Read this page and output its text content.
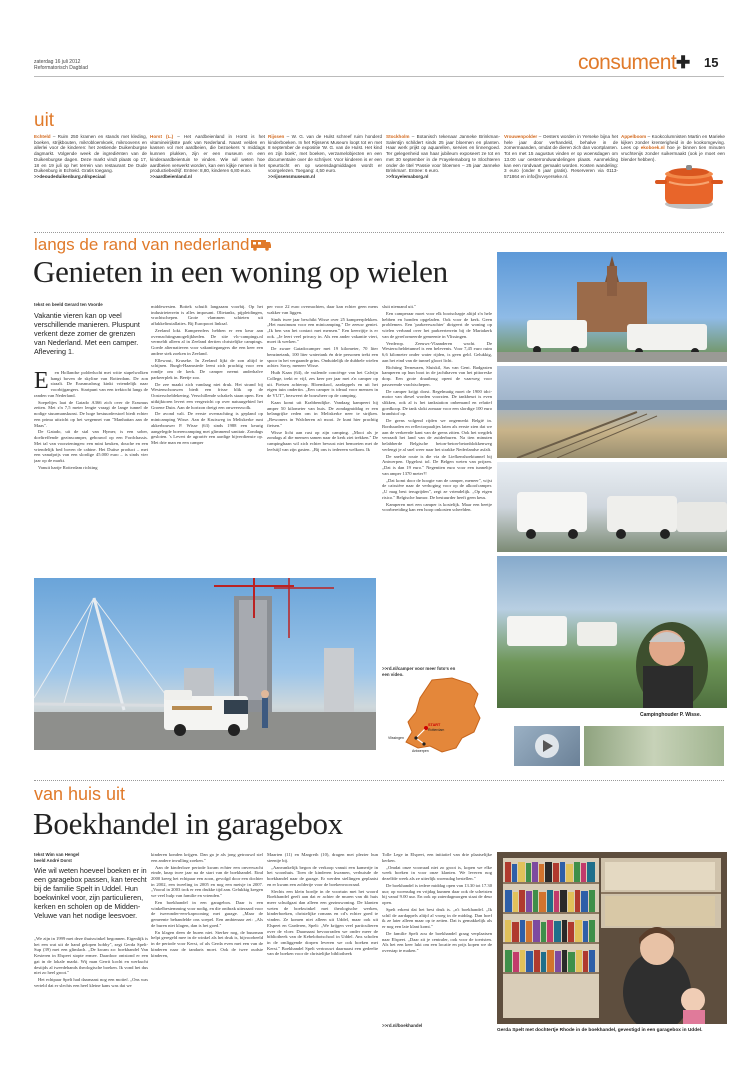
zaterdag 16 juli 2012
Reformatorisch Dagblad	consument ✚ 15
uit
Echteld – Ruim 250 kramen en stands met kleding, boeken, strijkbouten, mikrobloemkoek, mikroovens en allerlei voor de kinderen: het zestiende Duikenburgse dagmarkt. Volgende week de ingrediënten van de Duikenburgse dagen. Deze markt vindt plaats op 17, 18 en 19 juli op het terrein van restaurant De Oude Duikenburg in Echteld. Gratis toegang.
>>deoudeduikenburg.nl/speciaal
Horst (L.) – Het Aardbeienland in Horst is het vitamineirijkste park van Nederland. Naast velden en kassen vol met aardbeien, die bezoekers 's middags kunnen plukken, zijn er een museum en een kinderaardbeientuin te vinden. Wie wil weten hoe aardbeien verwerkt worden, kan een kijkje nemen in het productiebedrijf. Entree: 8,80, kinderen 6,80 euro.
>>aardbeienland.nl
Rijssen – W. G. van de Hulst schreef ruim honderd kinderboeken. In het Rijssens Museum loopt tot en met 8 september de expositie 'W. G. van de Hulst. Het kind en zijn boek', met boeken, verzamelobjecten en een documentaire over de schrijver. Voor kinderen is er een speurtocht en op woensdagmiddagen wordt er voorgelezen. Toegang: 4,50 euro.
>>rijssensmuseum.nl
Stockholm – Botanisch tekenaar Janneke Brinkman-Salentijn schildert sinds 25 jaar bloemen en planten. Haar werk prijkt op aquarellen, servies en linnengoed. Ter gelegenheid van haar jubileum exposeert ze tot en met 30 september in de Frayelemaborg te Slochteren onder de titel 'Passie voor bloemen – 25 jaar Janneke Brinkman'. Entree: 6 euro.
>>frayelemaborg.nl
Vrouwenpolder – Oesters worden in Yerseke bijna het hele jaar door verhandeld, behalve in de zomermaanden, omdat de dieren zich dan voortplanten. Tot en met 15 augustus vinden er op woensdagen om 13.00 uur oesterrondwandelingen plaats. Aanmelding kan een rondvaart gemaakt worden. Kosten wandeling: 3 euro (onder 6 jaar gratis). Reserveren via 0113-571864 en info@vvvyerseke.nl.
Appelboom – Kookcolumnisten Martin en Marieke kijken zonder krenterigheid in de kookomgeving. Lees op ekoboek.nl hoe je binnen tien minuten vruchtenijs zonder suikermaakt (ook je moet een blender hebben).
langs de rand van nederland
Genieten in een woning op wielen
tekst en beeld Gerard ten Voorde
Vakantie vieren kan op veel verschillende manieren. Pluspunt verkent deze zomer de grenzen van Nederland. Met een camper. Aflevering 1.
E	en Hollandse polderlucht met witte stapelwolken hangt boven de skyline van Rotterdam. De zon straalt. De Erasmusbrug kinkt vriendelijk naar voorbijgangers. Startpunt van een trektocht langs de randen van Nederland.

Soepeltjes laat de Gatado A366 zich over de Erasmus zetten. Met z'n 7,5 meter lengte vraagt de lange tunnel de nodige stuurmanskunst. De hoge bestuurderstoel biedt echter een prima uitzicht op het wegennet van "Manhattan aan de Maas".

De Gatado, uit de stal van Hymer, is een sober, doeltreffende gezinscamper, gebouwd op een Fordchassis. Met tal van voorzieningen: een mini keuken, douche en een vriendelijk bed boven de cabine. Het Duitse product – met een vanafprijs van een slordige 45.000 euro – is sinds vier jaar op de markt.

Vanuit hartje Rotterdam richting

middewesten. Bottek schuift langzaam voorbij. Op het industrieterrein is alles imposant. Olietanks, pijpleidingen, vrachtschepen. Grote vlammen schieten uit affakkelinstallaties. Bij Europoort linksaf.

Zeeland lokt. Kampeerders hebben er een keur aan overnachtingsmogelijkheden. De site vlc-campings.nl vermeldt alleen al in Zeeland dertien christelijke campings. Goede alternatieven voor vakantiegangers die een keer een andere stek zoeken in Zeeland.

Ellewout, Kruseke. In Zeeland lijkt de zon altijd te schijnen. Burgh-Haamstede leent zich prachtig voor een rondje om de kerk. De camper neemt anderhalve parkeerplek in. Beetje zoo.

De zee maakt zich vandaag niet druk. Het strand bij Westenschouwen biedt een frisse blik op de Oosterscheldekering. Verschillende schakels staan open. Een uitkijktoren levert een vergezicht op over natuurgebied het Groene Duin. Aan de horizon dreigt een onweerswolk.

De avond valt. De eerste overnachting is gepland op minicamping Wisse. Aan de Kruisweg in Meliskerke runt akkerbouwer P. Wisse (63) sinds 1988 een keurig aangelegde boerencamping met glimmend sanitair. Zondags gesloten. 's Levert de agrariër een aardige bijverdienste op. Met drie man en een camper

per voor 22 euro overnachten, daar kan echter geen mens wakker van liggen.

Sinds twee jaar beschikt Wisse over 25 kampeerplekken. „Het maximum voor een minicamping." De zeeuw geniet. „Ik ben van het contact met mensen." Een keerrijtje is er ook. „Je leert veel privacy in. Als een ander vakantie viert, moet ik werken."

De zware Gatadocamper met 19 kilometer, 70 liter benzinetank, 100 liter watertank én drie personen trekt een spoor in het vergaande grins. Onduidelijk de dubbele wielen achter. Sorry, meneer Wisse.

Huib Kaan (64), de vutlende conciërge van het Calvijn College, trekt er vijf, zes keer per jaar met z'n camper op uit. Fietsen achterop. Bloemkool, aardappels en uit het eigen tuin ondertin. „Een camper is ideaal voor mensen in de VUT", bezweert de bouwheer op de camping.

Kaan komt uit Krabbendijke. Vandaag kampeert hij amper 50 kilometer van huis. De zondagmiddag er een belangrijke reden om in Meliskerke neer te strijken. „Bewoners in Walcheren zó mooi. Je kunt hier prachtig fietsen."

Wisse licht aan rust op zijn camping. „Mooi als je zondags al die mensen samen naar de kerk ziet trekken." De campinghaan wil zich echter bewust niet bemoeien met de leefstijl van zijn gasten. „Bij ons is iedereen welkom. Ik

sluit niemand uit."

Een camperaar moet voor elk bootschapje altijd z'n hele hebben en honden opgeladen. Ook voor de kerk. Geen problemen. Een 'parkeerwachter' dirigeert de woning op wielen verband over het parkeerterrein bij de Mariakerk van de gereformeerde gemeente in Vlissingen.

Verderop. Zeeuws-Vlaanderen wacht. De Westerscheldetunnel is een belevenis. Voor 7,45 euro ruim 6,6 kilometer onder water rijden, is geen geld. Gelukkig, aan het eind van de tunnel gloort licht.

Richting Terneuzen, Sluiskil, Sas van Gent. Badgasten kamperen op hun boot in de jachthaven van het pittoreske dorp. Een grote draaibrug opent de vaarweg voor passerende vrachtschepen.

De camper krijgt dorst. Regelmatig moet de 1900 tdci-motor van diesel worden voorzien. De tankbeurt is even slikken, ook al is het tankstation onbemand en relatief goedkoop. De tank slokt zomaar voor een slordige 100 euro brandstof op.

De grens volgend rijden we ongemerkt België in. Borduurden en reflectorpaaltjes laten als eerste zien dat we aan de verkeerde kant van de grens zitten. Ook het wegdek verraadt het land van de zuiderburen. Na tien minuten belabberde Belgische beton-beton-betonblokkenweg verlengt je al snel weer naar het strakke Nederlandse asfalt.

De snelste route is die via de Liefkenshoektunnel bij Antwerpen. Opgelost tol. De Belgen weten van prijzen. „Dat is dan 19 euro." Negentien euro voor een tunneltje van amper 1370 meter?!

„Dat komt door de hoogte van de camper, meneer", wijst de caissière naar de verhoging voor op de alkoofcamper. „U mag best terugrijden", zegt ze vriendelijk. „Op eigen risico." Belgische humor. De bestuurder heeft geen keus.

Kamperen met een camper is kostelijk. Maar een beetje voorbereiding kan een hoop onkosten scheelden.

>>rd.nl/camper voor meer foto's en een video.
START
Rotterdam
Vlissingen
Antwerpen
Campinghouder P. Wisse.
van huis uit
Boekhandel in garagebox
tekst Wim van Hengel
beeld André Dorst
Wie wil weten hoeveel boeken er in een garagebox passen, kan terecht bij de familie Spelt in Uddel. Hun boekwinkel voor, zijn particulieren, kerken en scholen op de Midden-Veluwe van het nodige leesvoer.

„We zijn in 1999 met deze thuiswinkel begonnen. Eigenlijk is het een wat uit de hand gelopen hobby", zegt Gerda Spelt-Sup (39) met een glimlach. „De kwam zo: boekhandel Van Kesteren in Elspeet stopte ermee. Daardoor ontstond er een gat in de lokale markt. Wij man Gerrit kocht en werkucht destijds al tweedehands theologische boeken. Ik vond het dus niet zo heel groot."

Het echtpaar Spelt had daarnaast nog een motief. „Ons was verteld dat er slechts een heel kleine kans was dat we

kinderen konden krijgen. Dan ga je als jong getrouwd stel een andere invulling zoeken."

Aan de kinderloze periode kwam echter een onverwacht einde, knap twee jaar na de start van de boekhandel. Eind 2000 kreeg het echtpaar een zoon, gevolgd door een dochter in 2002, een tweeling in 2005 en nog een meisje in 2007. „Vooral in 2003 trok er een drukke tijd aan. Gelukkig kregen we veel hulp van familie en vrienden."

Een boekhandel in een garagebox. Daar is een winkelbestemming voor nodig, en die ontbrak uiteraard voor de tweeonder-een-kapwoning met garage. „Maar de gemeente behandelde ons soepel. Een ambtenaar zei: „Als de buren niet klagen, dan is het goed."

En klagen deen de buren niet. Sterker nog, de buurman helpt geregeld mee in de winkel als het druk is, bijvoorbeeld in de periode voor Kerst, of als Gerda even met een van de kinderen naar de tandarts moet. Ook de twee oudste kinderen,

Maarten (11) en Margreth (10), dragen met plezier hun steentje bij.

„Aanvankelijk begon de verkoop vanuit een kamertje in het woonhuis. Toen de kinderen kwamen, verhuisde de boekhandel naar de garage. Er werden stellingen geplaatst en er kwam een zoldertje voor de boekenvoorraad.

Slechts een klein bordje in de voortuin met het woord Boekhandel geeft aan dat er achter de muren van dit huis meer schuilgaat dan alleen een gezinswoning. De klanten weten de boekwinkel met theologische werken, kinderboeken, christelijke romans en cd's echter goed te vinden. Ze komen niet alleen uit Uddel, maar ook uit Elspeet en Garderen, Spelt: „We krijgen veel particulieren over de vloer. Daarnaast bevoorraden we onder meer de bibliotheek van de Kebelobotschool in Uddel. Ans scholen in de omliggende dorpen leveren we ook boeken met Kerst." Boekhandel Spelt vertrouwt daarnaast een gedeelte van de boeken voor de christelijke bibliotheek

Tolle Lege in Elspeet, een initiatief van drie plaatselijke kerken.

„Omdat onze voorraad niet zo groot is, kopen we elke week boeken in voor onze klanten. We leveren nog dezelfde week als ze uiterlijk woensdag bestellen."

De boekhandel is iedere middag open van 13.30 tot 17.30 uur; op woensdag en vrijdag kunnen daar ook de schetsten bij vanaf 9.00 uur. En ook op zaterdagmorgen staat de deur open.

Spelt erkent dat het best druk is. „n't boekhandel. „Ik schil de aardappels altijd al vroeg in de middag. Dan hoef ik ze later alleen maar op te zetten. Dat is gemakkelijk als er nog een late klant komt."

De familie Spelt zou de boekhandel graag verplaatsen naar Elspeet. „Daar zit je centraler, ook voor de toeristen. Als het een keer lukt om een locatie en prijs kopen we de overstap te maken."

>>rd.nl/boekhandel
Gerda Spelt met dochtertje Rhode in de boekhandel, gevestigd in een garagebox in Uddel.
